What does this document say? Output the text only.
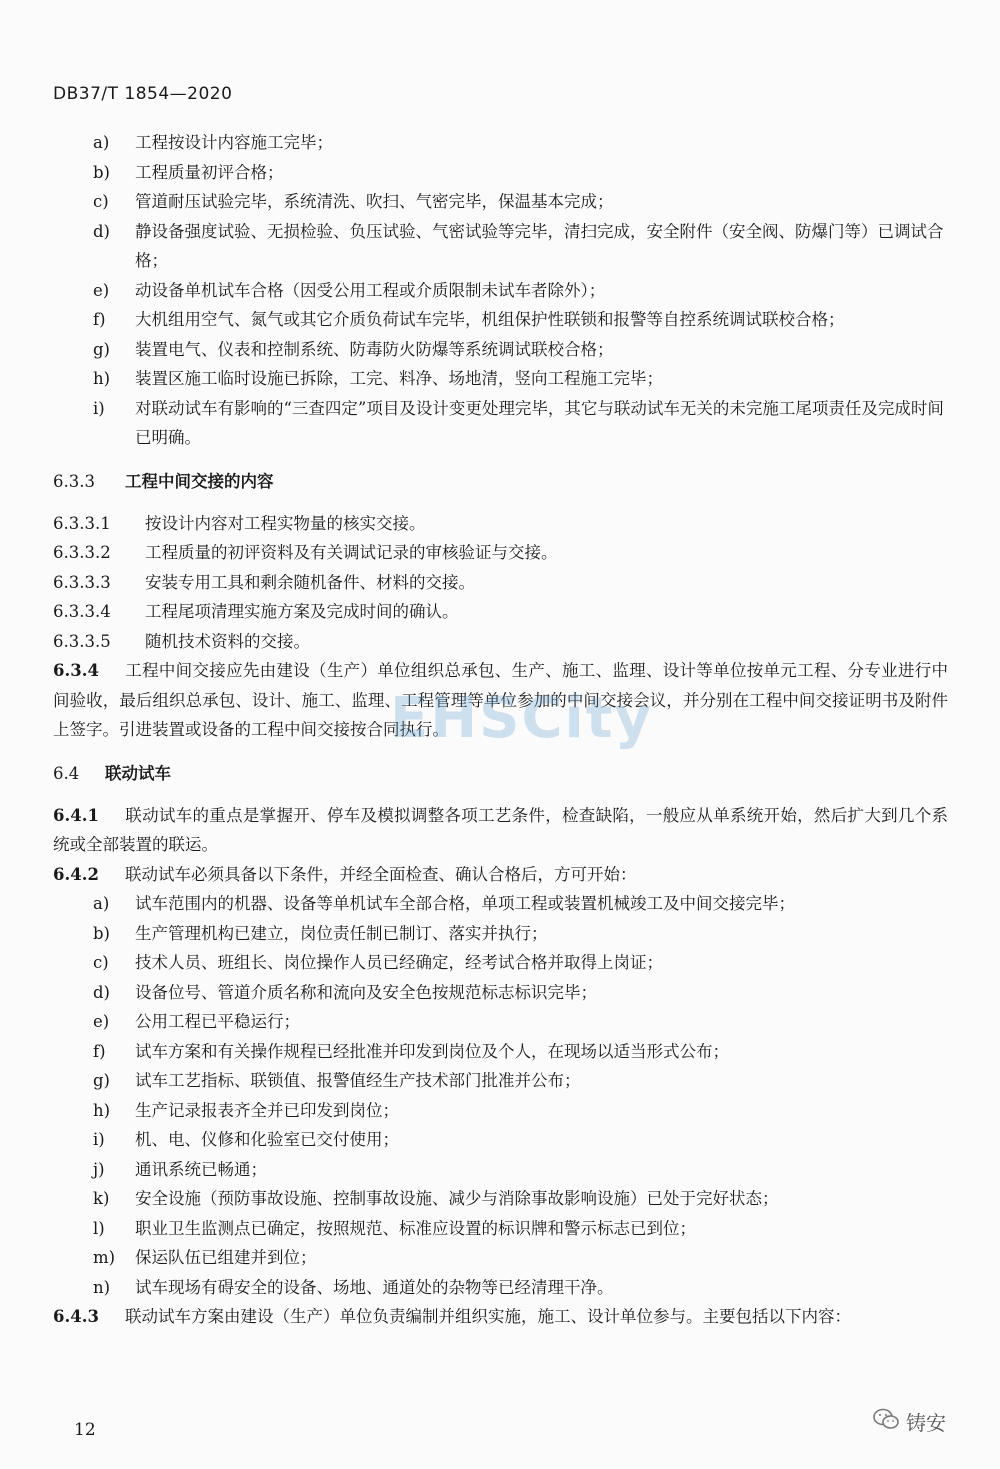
DB37/T 1854—2020

a) 工程按设计内容施工完毕；

b) 工程质量初评合格；

c) 管道耐压试验完毕，系统清洗、吹扫、气密完毕，保温基本完成；

d) 静设备强度试验、无损检验、负压试验、气密试验等完毕，清扫完成，安全附件（安全阀、防爆门等）已调试合格；

e) 动设备单机试车合格（因受公用工程或介质限制未试车者除外）；

f) 大机组用空气、氮气或其它介质负荷试车完毕，机组保护性联锁和报警等自控系统调试联校合格；

g) 装置电气、仪表和控制系统、防毒防火防爆等系统调试联校合格；

h) 装置区施工临时设施已拆除，工完、料净、场地清，竖向工程施工完毕；

i) 对联动试车有影响的“三查四定”项目及设计变更处理完毕，其它与联动试车无关的未完施工尾项责任及完成时间已明确。

6.3.3 工程中间交接的内容

6.3.3.1 按设计内容对工程实物量的核实交接。

6.3.3.2 工程质量的初评资料及有关调试记录的审核验证与交接。

6.3.3.3 安装专用工具和剩余随机备件、材料的交接。

6.3.3.4 工程尾项清理实施方案及完成时间的确认。

6.3.3.5 随机技术资料的交接。

6.3.4 工程中间交接应先由建设（生产）单位组织总承包、生产、施工、监理、设计等单位按单元工程、分专业进行中间验收，最后组织总承包、设计、施工、监理、工程管理等单位参加的中间交接会议，并分别在工程中间交接证明书及附件上签字。引进装置或设备的工程中间交接按合同执行。

6.4 联动试车

6.4.1 联动试车的重点是掌握开、停车及模拟调整各项工艺条件，检查缺陷，一般应从单系统开始，然后扩大到几个系统或全部装置的联运。

6.4.2 联动试车必须具备以下条件，并经全面检查、确认合格后，方可开始：

a) 试车范围内的机器、设备等单机试车全部合格，单项工程或装置机械竣工及中间交接完毕；

b) 生产管理机构已建立，岗位责任制已制订、落实并执行；

c) 技术人员、班组长、岗位操作人员已经确定，经考试合格并取得上岗证；

d) 设备位号、管道介质名称和流向及安全色按规范标志标识完毕；

e) 公用工程已平稳运行；

f) 试车方案和有关操作规程已经批准并印发到岗位及个人，在现场以适当形式公布；

g) 试车工艺指标、联锁值、报警值经生产技术部门批准并公布；

h) 生产记录报表齐全并已印发到岗位；

i) 机、电、仪修和化验室已交付使用；

j) 通讯系统已畅通；

k) 安全设施（预防事故设施、控制事故设施、减少与消除事故影响设施）已处于完好状态；

l) 职业卫生监测点已确定，按照规范、标准应设置的标识牌和警示标志已到位；

m) 保运队伍已组建并到位；

n) 试车现场有碍安全的设备、场地、通道处的杂物等已经清理干净。

6.4.3 联动试车方案由建设（生产）单位负责编制并组织实施，施工、设计单位参与。主要包括以下内容：

EHSCity
12	铸安
